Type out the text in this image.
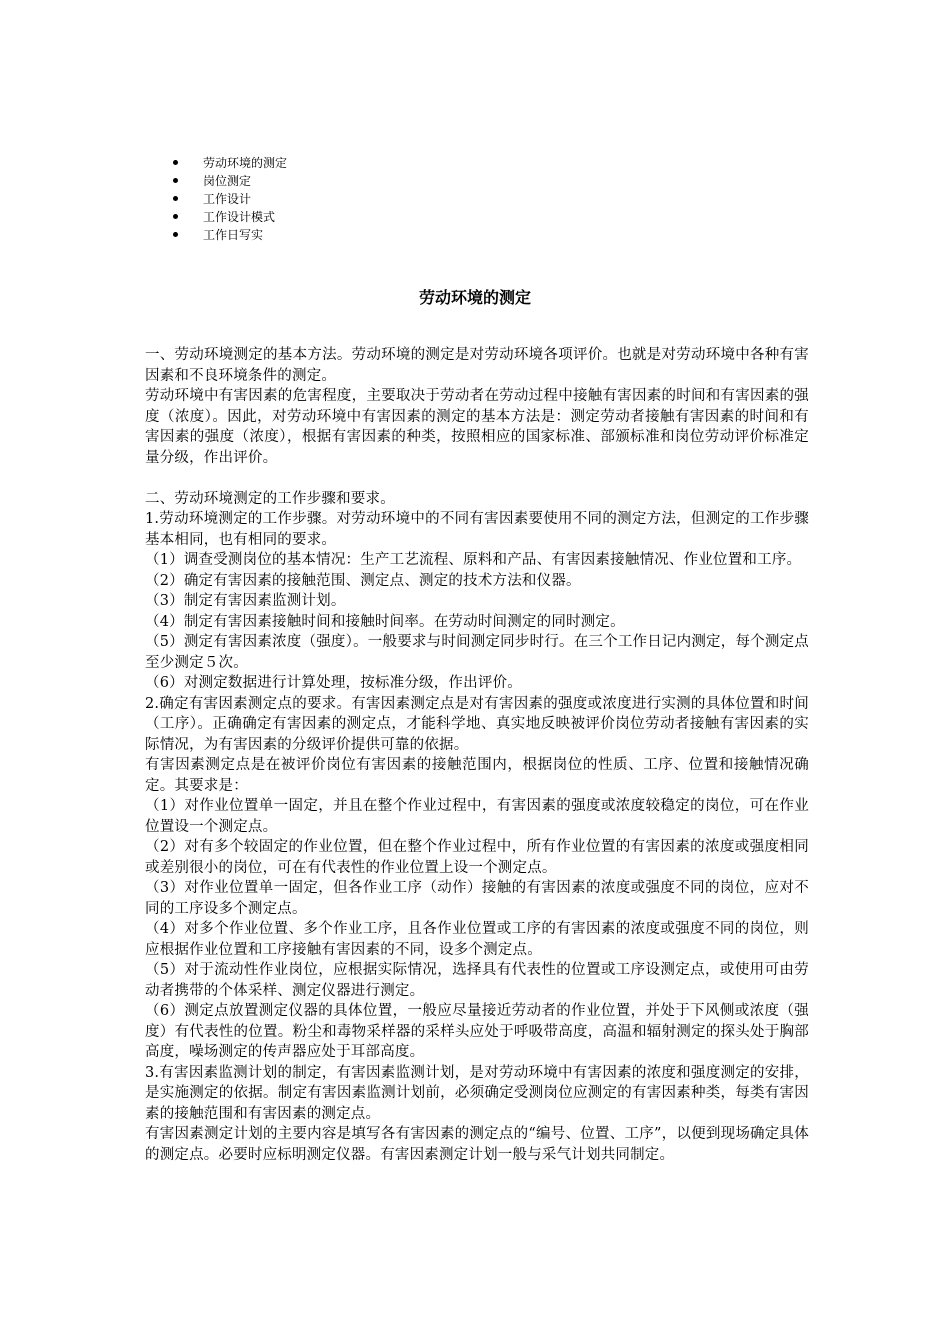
劳动环境的测定
岗位测定
工作设计
工作设计模式
工作日写实
劳动环境的测定

一、劳动环境测定的基本方法。劳动环境的测定是对劳动环境各项评价。也就是对劳动环境中各种有害因素和不良环境条件的测定。

劳动环境中有害因素的危害程度，主要取决于劳动者在劳动过程中接触有害因素的时间和有害因素的强度（浓度）。因此，对劳动环境中有害因素的测定的基本方法是：测定劳动者接触有害因素的时间和有害因素的强度（浓度），根据有害因素的种类，按照相应的国家标准、部颁标准和岗位劳动评价标准定量分级，作出评价。

二、劳动环境测定的工作步骤和要求。

1.劳动环境测定的工作步骤。对劳动环境中的不同有害因素要使用不同的测定方法，但测定的工作步骤基本相同，也有相同的要求。

（1）调查受测岗位的基本情况：生产工艺流程、原料和产品、有害因素接触情况、作业位置和工序。

（2）确定有害因素的接触范围、测定点、测定的技术方法和仪器。

（3）制定有害因素监测计划。

（4）制定有害因素接触时间和接触时间率。在劳动时间测定的同时测定。

（5）测定有害因素浓度（强度）。一般要求与时间测定同步时行。在三个工作日记内测定，每个测定点至少测定５次。

（6）对测定数据进行计算处理，按标准分级，作出评价。

2.确定有害因素测定点的要求。有害因素测定点是对有害因素的强度或浓度进行实测的具体位置和时间（工序）。正确确定有害因素的测定点，才能科学地、真实地反映被评价岗位劳动者接触有害因素的实际情况，为有害因素的分级评价提供可靠的依据。

有害因素测定点是在被评价岗位有害因素的接触范围内，根据岗位的性质、工序、位置和接触情况确定。其要求是：

（1）对作业位置单一固定，并且在整个作业过程中，有害因素的强度或浓度较稳定的岗位，可在作业位置设一个测定点。

（2）对有多个较固定的作业位置，但在整个作业过程中，所有作业位置的有害因素的浓度或强度相同或差别很小的岗位，可在有代表性的作业位置上设一个测定点。

（3）对作业位置单一固定，但各作业工序（动作）接触的有害因素的浓度或强度不同的岗位，应对不同的工序设多个测定点。

（4）对多个作业位置、多个作业工序，且各作业位置或工序的有害因素的浓度或强度不同的岗位，则应根据作业位置和工序接触有害因素的不同，设多个测定点。

（5）对于流动性作业岗位，应根据实际情况，选择具有代表性的位置或工序设测定点，或使用可由劳动者携带的个体采样、测定仪器进行测定。

（6）测定点放置测定仪器的具体位置，一般应尽量接近劳动者的作业位置，并处于下风侧或浓度（强度）有代表性的位置。粉尘和毒物采样器的采样头应处于呼吸带高度，高温和辐射测定的探头处于胸部高度，噪场测定的传声器应处于耳部高度。

3.有害因素监测计划的制定，有害因素监测计划，是对劳动环境中有害因素的浓度和强度测定的安排，是实施测定的依据。制定有害因素监测计划前，必须确定受测岗位应测定的有害因素种类，每类有害因素的接触范围和有害因素的测定点。

有害因素测定计划的主要内容是填写各有害因素的测定点的“编号、位置、工序”，以便到现场确定具体的测定点。必要时应标明测定仪器。有害因素测定计划一般与采气计划共同制定。
